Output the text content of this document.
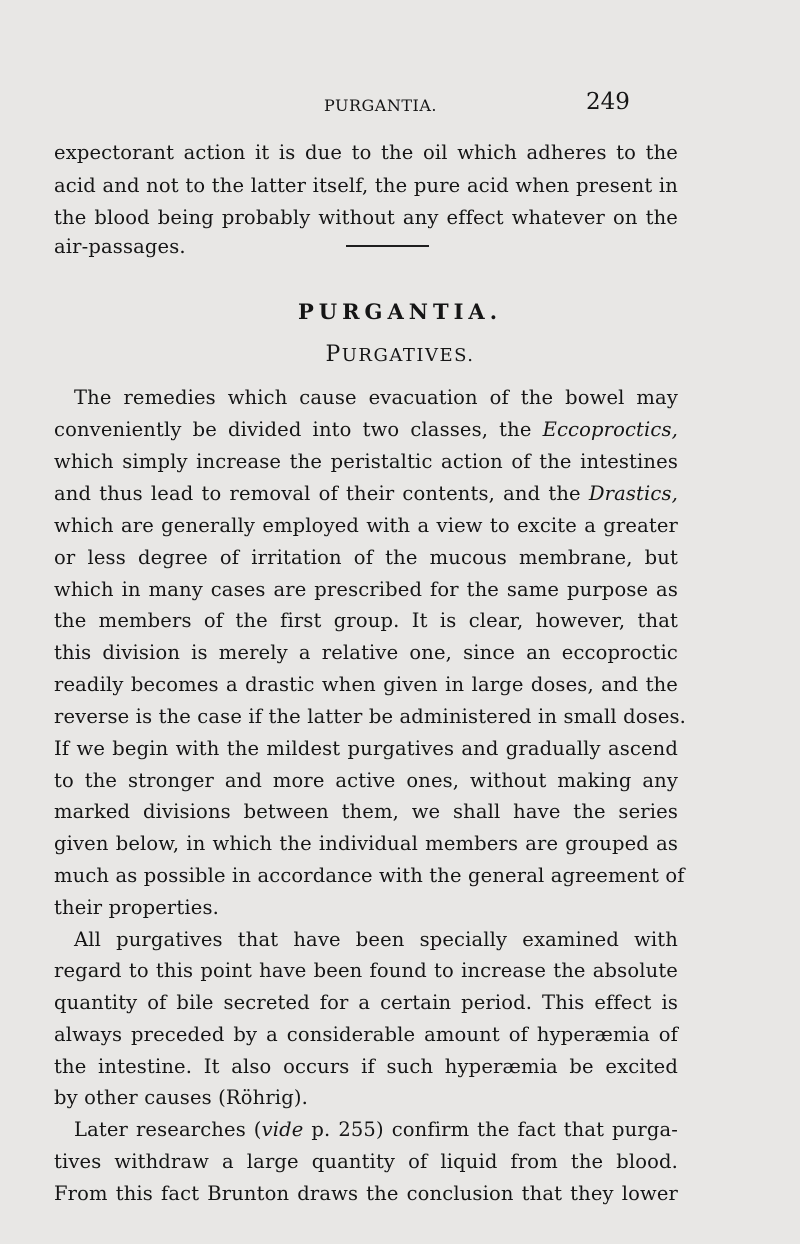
PURGANTIA.	249
expectorant action it is due to the oil which adheres to the
acid and not to the latter itself, the pure acid when present in
the blood being probably without any effect whatever on the
air-passages.
PURGANTIA.
PURGATIVES.
The remedies which cause evacuation of the bowel may
conveniently be divided into two classes, the Eccoproctics,
which simply increase the peristaltic action of the intestines
and thus lead to removal of their contents, and the Drastics,
which are generally employed with a view to excite a greater
or less degree of irritation of the mucous membrane, but
which in many cases are prescribed for the same purpose as
the members of the first group. It is clear, however, that
this division is merely a relative one, since an eccoproctic
readily becomes a drastic when given in large doses, and the
reverse is the case if the latter be administered in small doses.
If we begin with the mildest purgatives and gradually ascend
to the stronger and more active ones, without making any
marked divisions between them, we shall have the series
given below, in which the individual members are grouped as
much as possible in accordance with the general agreement of
their properties.
All purgatives that have been specially examined with
regard to this point have been found to increase the absolute
quantity of bile secreted for a certain period. This effect is
always preceded by a considerable amount of hyperæmia of
the intestine. It also occurs if such hyperæmia be excited
by other causes (Röhrig).
Later researches (vide p. 255) confirm the fact that purga-
tives withdraw a large quantity of liquid from the blood.
From this fact Brunton draws the conclusion that they lower
